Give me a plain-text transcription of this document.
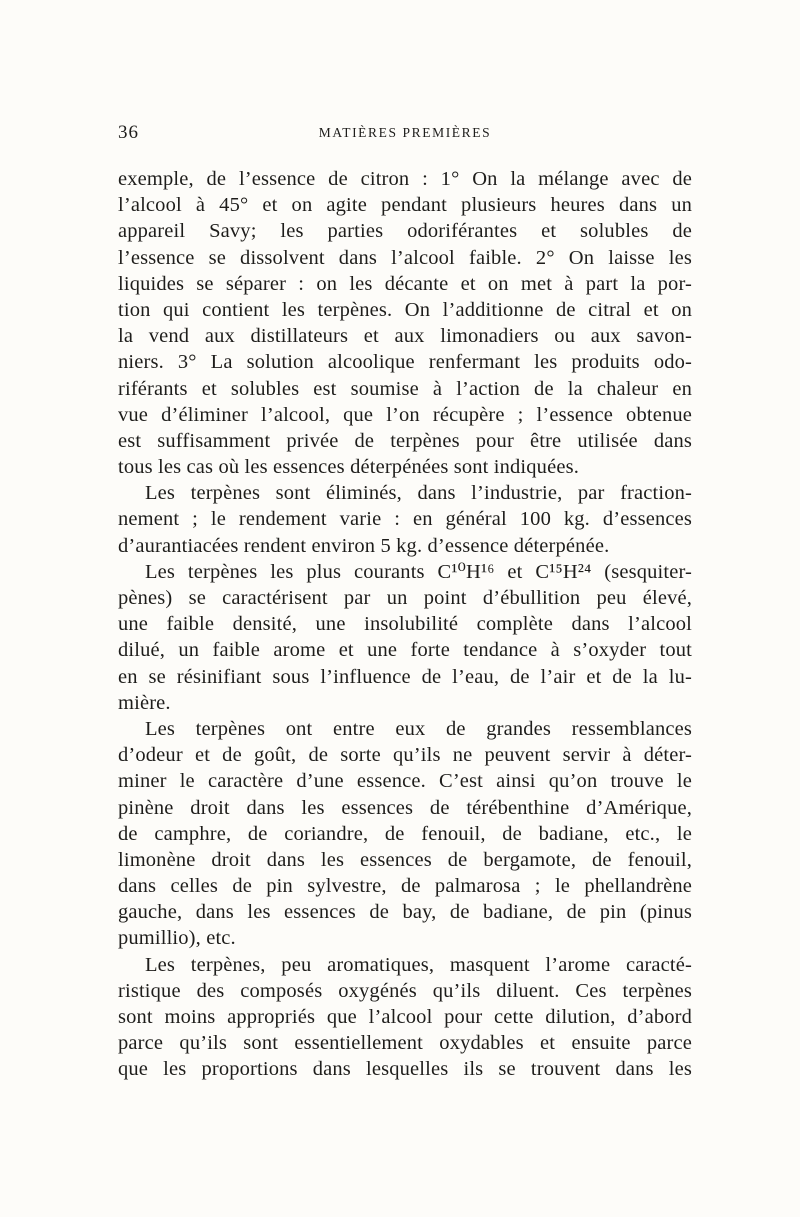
36	MATIÈRES PREMIÈRES
exemple, de l’essence de citron : 1° On la mélange avec de
l’alcool à 45° et on agite pendant plusieurs heures dans un
appareil Savy; les parties odoriférantes et solubles de
l’essence se dissolvent dans l’alcool faible. 2° On laisse les
liquides se séparer : on les décante et on met à part la por-
tion qui contient les terpènes. On l’additionne de citral et on
la vend aux distillateurs et aux limonadiers ou aux savon-
niers. 3° La solution alcoolique renfermant les produits odo-
riférants et solubles est soumise à l’action de la chaleur en
vue d’éliminer l’alcool, que l’on récupère ; l’essence obtenue
est suffisamment privée de terpènes pour être utilisée dans
tous les cas où les essences déterpénées sont indiquées.
Les terpènes sont éliminés, dans l’industrie, par fraction-
nement ; le rendement varie : en général 100 kg. d’essences
d’aurantiacées rendent environ 5 kg. d’essence déterpénée.
Les terpènes les plus courants C¹⁰H¹⁶ et C¹⁵H²⁴ (sesquiter-
pènes) se caractérisent par un point d’ébullition peu élevé,
une faible densité, une insolubilité complète dans l’alcool
dilué, un faible arome et une forte tendance à s’oxyder tout
en se résinifiant sous l’influence de l’eau, de l’air et de la lu-
mière.
Les terpènes ont entre eux de grandes ressemblances
d’odeur et de goût, de sorte qu’ils ne peuvent servir à déter-
miner le caractère d’une essence. C’est ainsi qu’on trouve le
pinène droit dans les essences de térébenthine d’Amérique,
de camphre, de coriandre, de fenouil, de badiane, etc., le
limonène droit dans les essences de bergamote, de fenouil,
dans celles de pin sylvestre, de palmarosa ; le phellandrène
gauche, dans les essences de bay, de badiane, de pin (pinus
pumillio), etc.
Les terpènes, peu aromatiques, masquent l’arome caracté-
ristique des composés oxygénés qu’ils diluent. Ces terpènes
sont moins appropriés que l’alcool pour cette dilution, d’abord
parce qu’ils sont essentiellement oxydables et ensuite parce
que les proportions dans lesquelles ils se trouvent dans les
